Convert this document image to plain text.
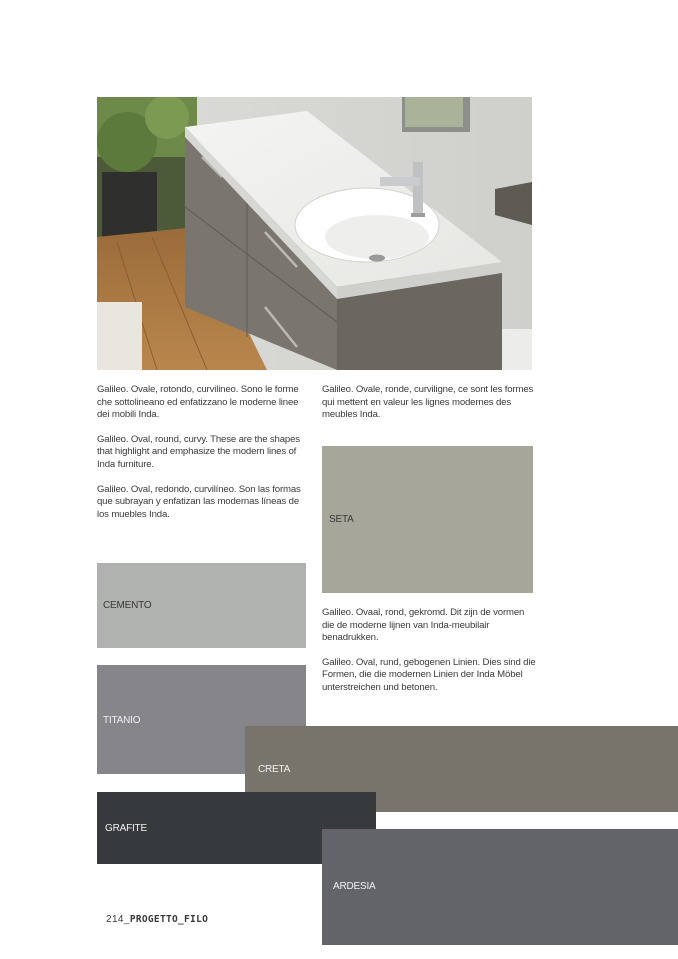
Galileo. Ovale, rotondo, curvilineo. Sono le forme che sottolineano ed enfatizzano le moderne linee dei mobili Inda.

Galileo. Oval, round, curvy. These are the shapes that highlight and emphasize the modern lines of Inda furniture.

Galileo. Oval, redondo, curvilíneo. Son las formas que subrayan y enfatizan las modernas líneas de los muebles Inda.

Galileo. Ovale, ronde, curviligne, ce sont les formes qui mettent en valeur les lignes modernes des meubles Inda.

SETA

Galileo. Ovaal, rond, gekromd. Dit zijn de vormen die de moderne lijnen van Inda-meubilair benadrukken.

Galileo. Oval, rund, gebogenen Linien. Dies sind die Formen, die die modernen Linien der Inda Möbel unterstreichen und betonen.

CEMENTO
TITANIO
CRETA
GRAFITE
ARDESIA
214_PROGETTO_FILO
